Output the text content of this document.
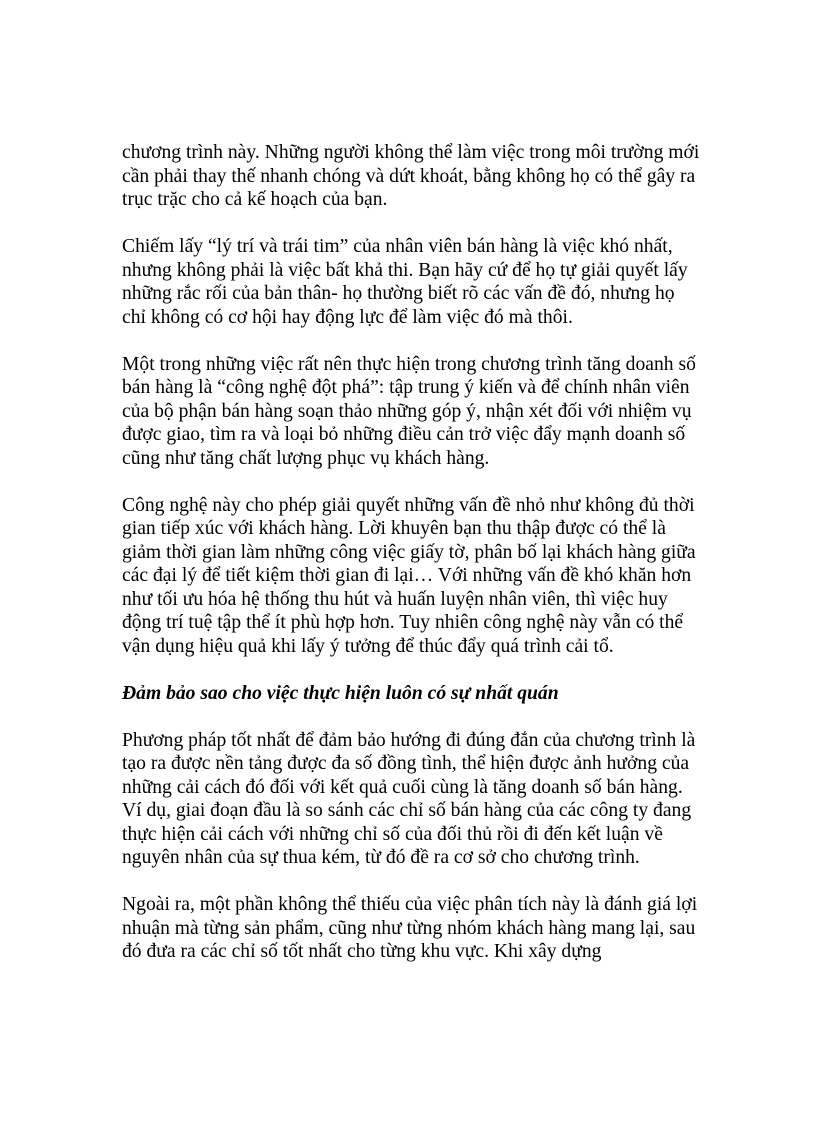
chương trình này. Những người không thể làm việc trong môi trường mới cần phải thay thế nhanh chóng và dứt khoát, bằng không họ có thể gây ra trục trặc cho cả kế hoạch của bạn.

Chiếm lấy “lý trí và trái tim” của nhân viên bán hàng là việc khó nhất, nhưng không phải là việc bất khả thi. Bạn hãy cứ để họ tự giải quyết lấy những rắc rối của bản thân- họ thường biết rõ các vấn đề đó, nhưng họ chỉ không có cơ hội hay động lực để làm việc đó mà thôi.

Một trong những việc rất nên thực hiện trong chương trình tăng doanh số bán hàng là “công nghệ đột phá”: tập trung ý kiến và để chính nhân viên của bộ phận bán hàng soạn thảo những góp ý, nhận xét đối với nhiệm vụ được giao, tìm ra và loại bỏ những điều cản trở việc đẩy mạnh doanh số cũng như tăng chất lượng phục vụ khách hàng.

Công nghệ này cho phép giải quyết những vấn đề nhỏ như không đủ thời gian tiếp xúc với khách hàng. Lời khuyên bạn thu thập được có thể là giảm thời gian làm những công việc giấy tờ, phân bố lại khách hàng giữa các đại lý để tiết kiệm thời gian đi lại… Với những vấn đề khó khăn hơn như tối ưu hóa hệ thống thu hút và huấn luyện nhân viên, thì việc huy động trí tuệ tập thể ít phù hợp hơn. Tuy nhiên công nghệ này vẫn có thể vận dụng hiệu quả khi lấy ý tưởng để thúc đẩy quá trình cải tổ.

Đảm bảo sao cho việc thực hiện luôn có sự nhất quán

Phương pháp tốt nhất để đảm bảo hướng đi đúng đắn của chương trình là tạo ra được nền tảng được đa số đồng tình, thể hiện được ảnh hưởng của những cải cách đó đối với kết quả cuối cùng là tăng doanh số bán hàng. Ví dụ, giai đoạn đầu là so sánh các chỉ số bán hàng của các công ty đang thực hiện cải cách với những chỉ số của đối thủ rồi đi đến kết luận về nguyên nhân của sự thua kém, từ đó đề ra cơ sở cho chương trình.

Ngoài ra, một phần không thể thiếu của việc phân tích này là đánh giá lợi nhuận mà từng sản phẩm, cũng như từng nhóm khách hàng mang lại, sau đó đưa ra các chỉ số tốt nhất cho từng khu vực. Khi xây dựng
